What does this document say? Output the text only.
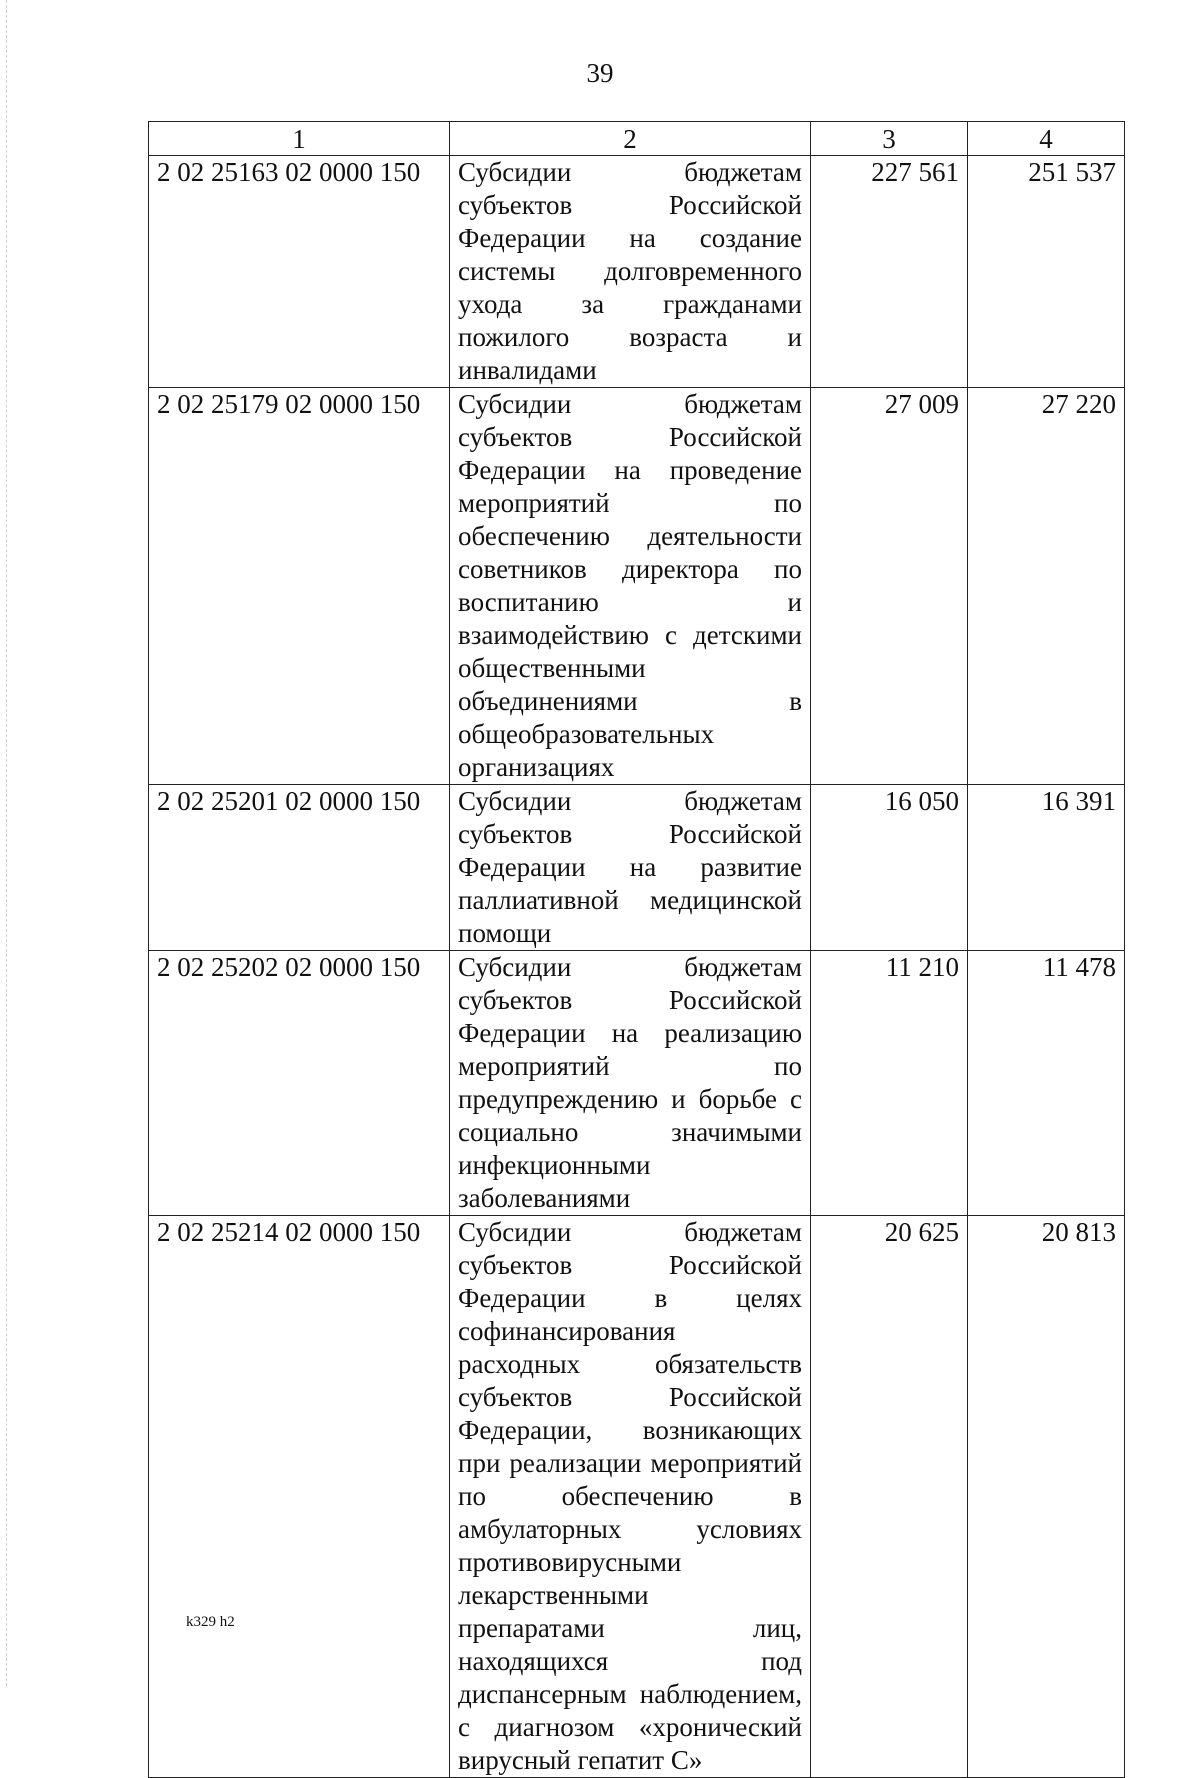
39
1	2	3	4
2 02 25163 02 0000 150	Субсидии бюджетам субъектов Российской Федерации на создание системы долговременного ухода за гражданами пожилого возраста и инвалидами	227 561	251 537
2 02 25179 02 0000 150	Субсидии бюджетам субъектов Российской Федерации на проведение мероприятий по обеспечению деятельности советников директора по воспитанию и взаимодействию с детскими общественными объединениями в общеобразовательных организациях	27 009	27 220
2 02 25201 02 0000 150	Субсидии бюджетам субъектов Российской Федерации на развитие паллиативной медицинской помощи	16 050	16 391
2 02 25202 02 0000 150	Субсидии бюджетам субъектов Российской Федерации на реализацию мероприятий по предупреждению и борьбе с социально значимыми инфекционными заболеваниями	11 210	11 478
2 02 25214 02 0000 150	Субсидии бюджетам субъектов Российской Федерации в целях софинансирования расходных обязательств субъектов Российской Федерации, возникающих при реализации мероприятий по обеспечению в амбулаторных условиях противовирусными лекарственными препаратами лиц, находящихся под диспансерным наблюдением, с диагнозом «хронический вирусный гепатит С»	20 625	20 813
k329 h2
